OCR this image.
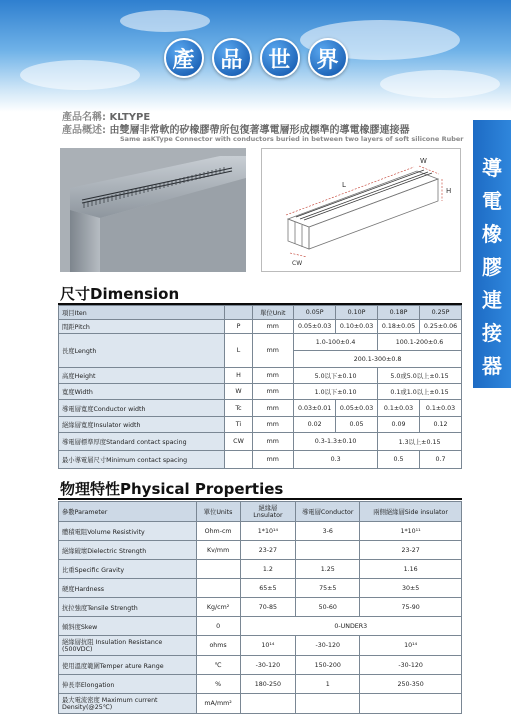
產	品	世	界
導
電
橡
膠
連
接
器
產品名稱: KLTYPE
產品概述: 由雙層非常軟的矽橡膠帶所包復著導電層形成標準的導電橡膠連接器
Same asKType Connector with conductors buried in between two layers of soft silicone Ruber
L
W
H
CW
尺寸Dimension
項目Iten		單位Unit	0.05P	0.10P	0.18P	0.25P
間距Pitch	P	mm	0.05±0.03	0.10±0.03	0.18±0.05	0.25±0.06
長度Length	L	mm	1.0-100±0.4		100.1-200±0.6	
			200.1-300±0.8			
高度Height	H	mm	5.0以下±0.10		5.0或5.0以上±0.15	
寬度Width	W	mm	1.0以下±0.10		0.1或1.0以上±0.15	
導電層寬度Conductor width	Tc	mm	0.03±0.01	0.05±0.03	0.1±0.03	0.1±0.03
絕緣層寬度Insulator width	Ti	mm	0.02	0.05	0.09	0.12
導電層標準厚度Standard contact spacing	CW	mm	0.3-1.3±0.10		1.3以上±0.15	
最小導電層尺寸Minimum contact spacing		mm	0.3		0.5	0.7
物理特性Physical Properties
參數Parameter	單位Units	絕緣層 Lnsulator	導電層Conductor	兩側絕緣層Side insulator
體積電阻Volume Resistivity	Ohm-cm	1*10¹⁴	3-6	1*10¹¹
絕緣破壞Dielectric Strength	Kv/mm	23-27		23-27
比重Specific Gravity		1.2	1.25	1.16
硬度Hardness		65±5	75±5	30±5
抗拉強度Tensile Strength	Kg/cm²	70-85	50-60	75-90
傾斜度Skew	0	0-UNDER3		
絕緣層抗阻 Insulation Resistance (500VDC)	ohms	10¹⁴	-30-120	10¹⁴
使用溫度範圍Temper ature Range	℃	-30-120	150-200	-30-120
伸長率Elongation	%	180-250	1	250-350
最大電流密度 Maximum current Density(@25℃)	mA/mm²			
